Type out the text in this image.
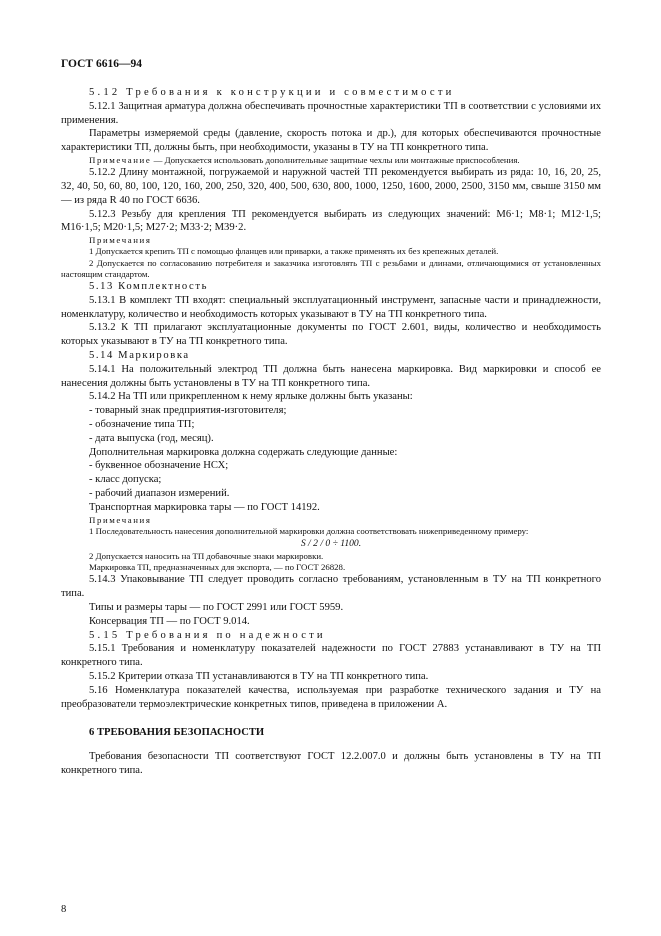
ГОСТ 6616—94

5.12 Требования к конструкции и совместимости

5.12.1 Защитная арматура должна обеспечивать прочностные характеристики ТП в соответствии с условиями их применения.

Параметры измеряемой среды (давление, скорость потока и др.), для которых обеспечиваются прочностные характеристики ТП, должны быть, при необходимости, указаны в ТУ на ТП конкретного типа.

Примечание — Допускается использовать дополнительные защитные чехлы или монтажные приспособления.

5.12.2 Длину монтажной, погружаемой и наружной частей ТП рекомендуется выбирать из ряда: 10, 16, 20, 25, 32, 40, 50, 60, 80, 100, 120, 160, 200, 250, 320, 400, 500, 630, 800, 1000, 1250, 1600, 2000, 2500, 3150 мм, свыше 3150 мм — из ряда R 40 по ГОСТ 6636.

5.12.3 Резьбу для крепления ТП рекомендуется выбирать из следующих значений: М6·1; М8·1; М12·1,5; М16·1,5; М20·1,5; М27·2; М33·2; М39·2.

Примечания

1 Допускается крепить ТП с помощью фланцев или приварки, а также применять их без крепежных деталей.

2 Допускается по согласованию потребителя и заказчика изготовлять ТП с резьбами и длинами, отличающимися от установленных настоящим стандартом.

5.13 Комплектность

5.13.1 В комплект ТП входят: специальный эксплуатационный инструмент, запасные части и принадлежности, номенклатуру, количество и необходимость которых указывают в ТУ на ТП конкретного типа.

5.13.2 К ТП прилагают эксплуатационные документы по ГОСТ 2.601, виды, количество и необходимость которых указывают в ТУ на ТП конкретного типа.

5.14 Маркировка

5.14.1 На положительный электрод ТП должна быть нанесена маркировка. Вид маркировки и способ ее нанесения должны быть установлены в ТУ на ТП конкретного типа.

5.14.2 На ТП или прикрепленном к нему ярлыке должны быть указаны:

- товарный знак предприятия-изготовителя;

- обозначение типа ТП;

- дата выпуска (год, месяц).

Дополнительная маркировка должна содержать следующие данные:

- буквенное обозначение НСХ;

- класс допуска;

- рабочий диапазон измерений.

Транспортная маркировка тары — по ГОСТ 14192.

Примечания

1 Последовательность нанесения дополнительной маркировки должна соответствовать нижеприведенному примеру:

S / 2 / 0 ÷ 1100.

2 Допускается наносить на ТП добавочные знаки маркировки.

Маркировка ТП, предназначенных для экспорта, — по ГОСТ 26828.

5.14.3 Упаковывание ТП следует проводить согласно требованиям, установленным в ТУ на ТП конкретного типа.

Типы и размеры тары — по ГОСТ 2991 или ГОСТ 5959.

Консервация ТП — по ГОСТ 9.014.

5.15 Требования по надежности

5.15.1 Требования и номенклатуру показателей надежности по ГОСТ 27883 устанавливают в ТУ на ТП конкретного типа.

5.15.2 Критерии отказа ТП устанавливаются в ТУ на ТП конкретного типа.

5.16 Номенклатура показателей качества, используемая при разработке технического задания и ТУ на преобразователи термоэлектрические конкретных типов, приведена в приложении А.

6 ТРЕБОВАНИЯ БЕЗОПАСНОСТИ

Требования безопасности ТП соответствуют ГОСТ 12.2.007.0 и должны быть установлены в ТУ на ТП конкретного типа.

8
